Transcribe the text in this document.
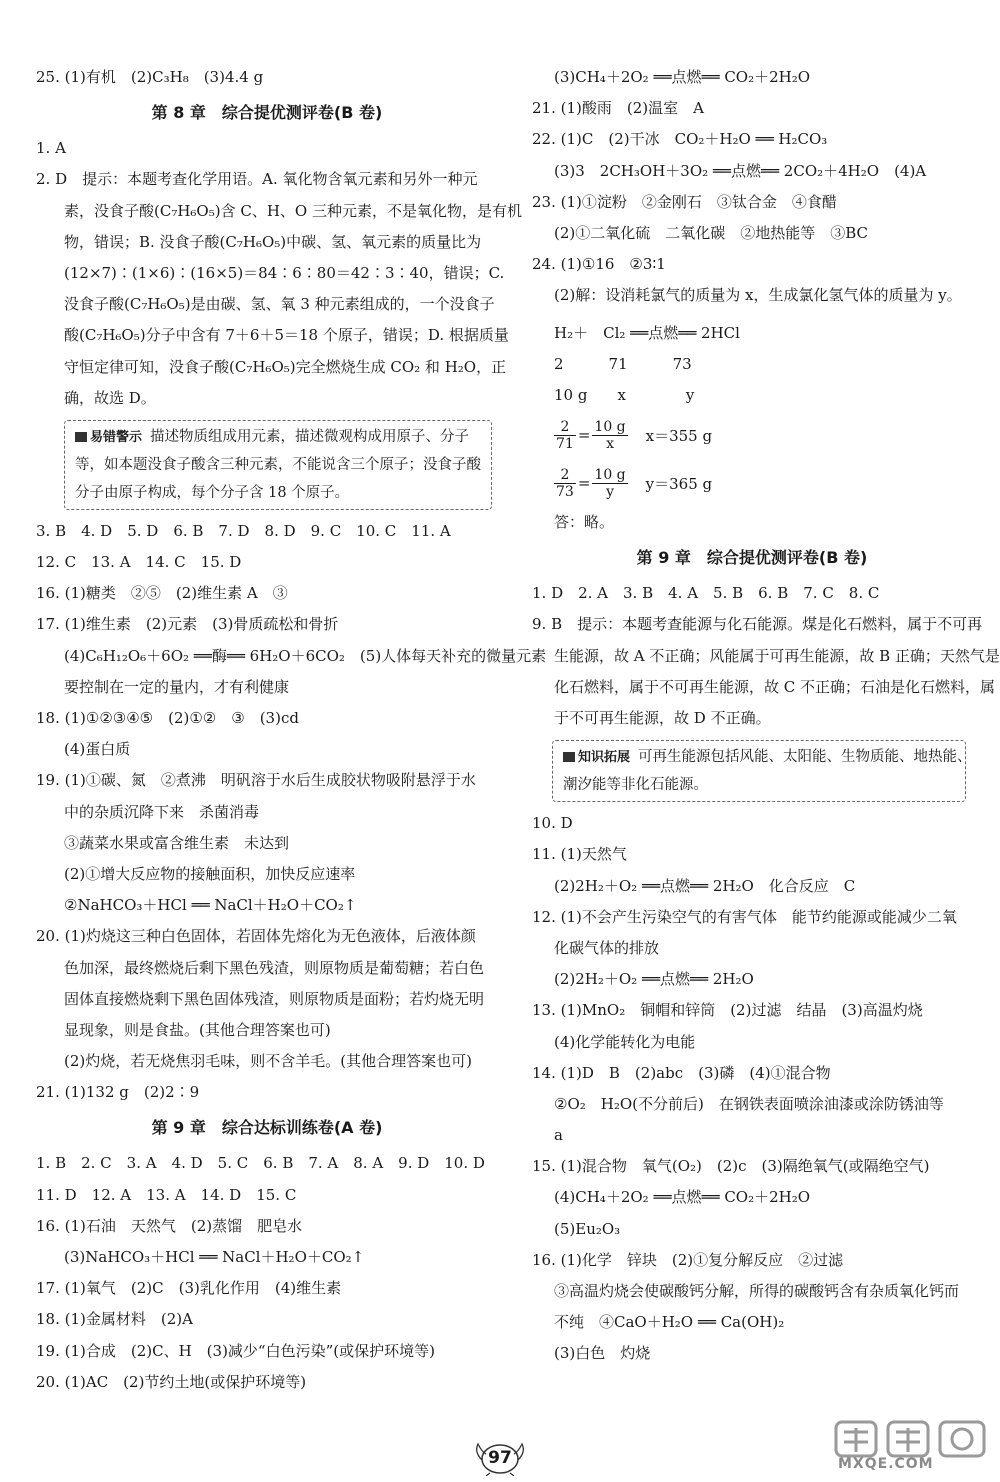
25. (1)有机　(2)C₃H₈　(3)4.4 g
第 8 章　综合提优测评卷(B 卷)
1. A
2. D　提示：本题考查化学用语。A. 氧化物含氧元素和另外一种元
素，没食子酸(C₇H₆O₅)含 C、H、O 三种元素，不是氧化物，是有机
物，错误；B. 没食子酸(C₇H₆O₅)中碳、氢、氧元素的质量比为
(12×7)∶(1×6)∶(16×5)＝84∶6∶80＝42∶3∶40，错误；C.
没食子酸(C₇H₆O₅)是由碳、氢、氧 3 种元素组成的，一个没食子
酸(C₇H₆O₅)分子中含有 7＋6＋5＝18 个原子，错误；D. 根据质量
守恒定律可知，没食子酸(C₇H₆O₅)完全燃烧生成 CO₂ 和 H₂O，正
确，故选 D。
易错警示 描述物质组成用元素，描述微观构成用原子、分子
等，如本题没食子酸含三种元素，不能说含三个原子；没食子酸
分子由原子构成，每个分子含 18 个原子。
3. B　4. D　5. D　6. B　7. D　8. D　9. C　10. C　11. A
12. C　13. A　14. C　15. D
16. (1)糖类　②⑤　(2)维生素 A　③
17. (1)维生素　(2)元素　(3)骨质疏松和骨折
(4)C₆H₁₂O₆＋6O₂ ══酶══ 6H₂O＋6CO₂　(5)人体每天补充的微量元素
要控制在一定的量内，才有利健康
18. (1)①②③④⑤　(2)①②　③　(3)cd
(4)蛋白质
19. (1)①碳、氮　②煮沸　明矾溶于水后生成胶状物吸附悬浮于水
中的杂质沉降下来　杀菌消毒
③蔬菜水果或富含维生素　未达到
(2)①增大反应物的接触面积，加快反应速率
②NaHCO₃＋HCl ══ NaCl＋H₂O＋CO₂↑
20. (1)灼烧这三种白色固体，若固体先熔化为无色液体，后液体颜
色加深，最终燃烧后剩下黑色残渣，则原物质是葡萄糖；若白色
固体直接燃烧剩下黑色固体残渣，则原物质是面粉；若灼烧无明
显现象，则是食盐。(其他合理答案也可)
(2)灼烧，若无烧焦羽毛味，则不含羊毛。(其他合理答案也可)
21. (1)132 g　(2)2∶9
第 9 章　综合达标训练卷(A 卷)
1. B　2. C　3. A　4. D　5. C　6. B　7. A　8. A　9. D　10. D
11. D　12. A　13. A　14. D　15. C
16. (1)石油　天然气　(2)蒸馏　肥皂水
(3)NaHCO₃＋HCl ══ NaCl＋H₂O＋CO₂↑
17. (1)氧气　(2)C　(3)乳化作用　(4)维生素
18. (1)金属材料　(2)A
19. (1)合成　(2)C、H　(3)减少“白色污染”(或保护环境等)
20. (1)AC　(2)节约土地(或保护环境等)
(3)CH₄＋2O₂ ══点燃══ CO₂＋2H₂O
21. (1)酸雨　(2)温室　A
22. (1)C　(2)干冰　CO₂＋H₂O ══ H₂CO₃
(3)3　2CH₃OH＋3O₂ ══点燃══ 2CO₂＋4H₂O　(4)A
23. (1)①淀粉　②金刚石　③钛合金　④食醋
(2)①二氧化硫　二氧化碳　②地热能等　③BC
24. (1)①16　②3∶1
(2)解：设消耗氯气的质量为 x，生成氯化氢气体的质量为 y。
H₂＋　Cl₂ ══点燃══ 2HCl
2　　　71　　　73
10 g　　x　　　　y
$\frac{2}{71} = \frac{10 g}{x} x=355$ g
$\frac{2}{73} = \frac{10 g}{y} y=365$ g
答：略。
第 9 章　综合提优测评卷(B 卷)
1. D　2. A　3. B　4. A　5. B　6. B　7. C　8. C
9. B　提示：本题考查能源与化石能源。煤是化石燃料，属于不可再
生能源，故 A 不正确；风能属于可再生能源，故 B 正确；天然气是
化石燃料，属于不可再生能源，故 C 不正确；石油是化石燃料，属
于不可再生能源，故 D 不正确。
知识拓展 可再生能源包括风能、太阳能、生物质能、地热能、
潮汐能等非化石能源。
10. D
11. (1)天然气
(2)2H₂＋O₂ ══点燃══ 2H₂O　化合反应　C
12. (1)不会产生污染空气的有害气体　能节约能源或能减少二氧
化碳气体的排放
(2)2H₂＋O₂ ══点燃══ 2H₂O
13. (1)MnO₂　铜帽和锌筒　(2)过滤　结晶　(3)高温灼烧
(4)化学能转化为电能
14. (1)D　B　(2)abc　(3)磷　(4)①混合物
②O₂　H₂O(不分前后)　在钢铁表面喷涂油漆或涂防锈油等
a
15. (1)混合物　氧气(O₂)　(2)c　(3)隔绝氧气(或隔绝空气)
(4)CH₄＋2O₂ ══点燃══ CO₂＋2H₂O
(5)Eu₂O₃
16. (1)化学　锌块　(2)①复分解反应　②过滤
③高温灼烧会使碳酸钙分解，所得的碳酸钙含有杂质氧化钙而
不纯　④CaO＋H₂O ══ Ca(OH)₂
(3)白色　灼烧
97	MXQE.COM
